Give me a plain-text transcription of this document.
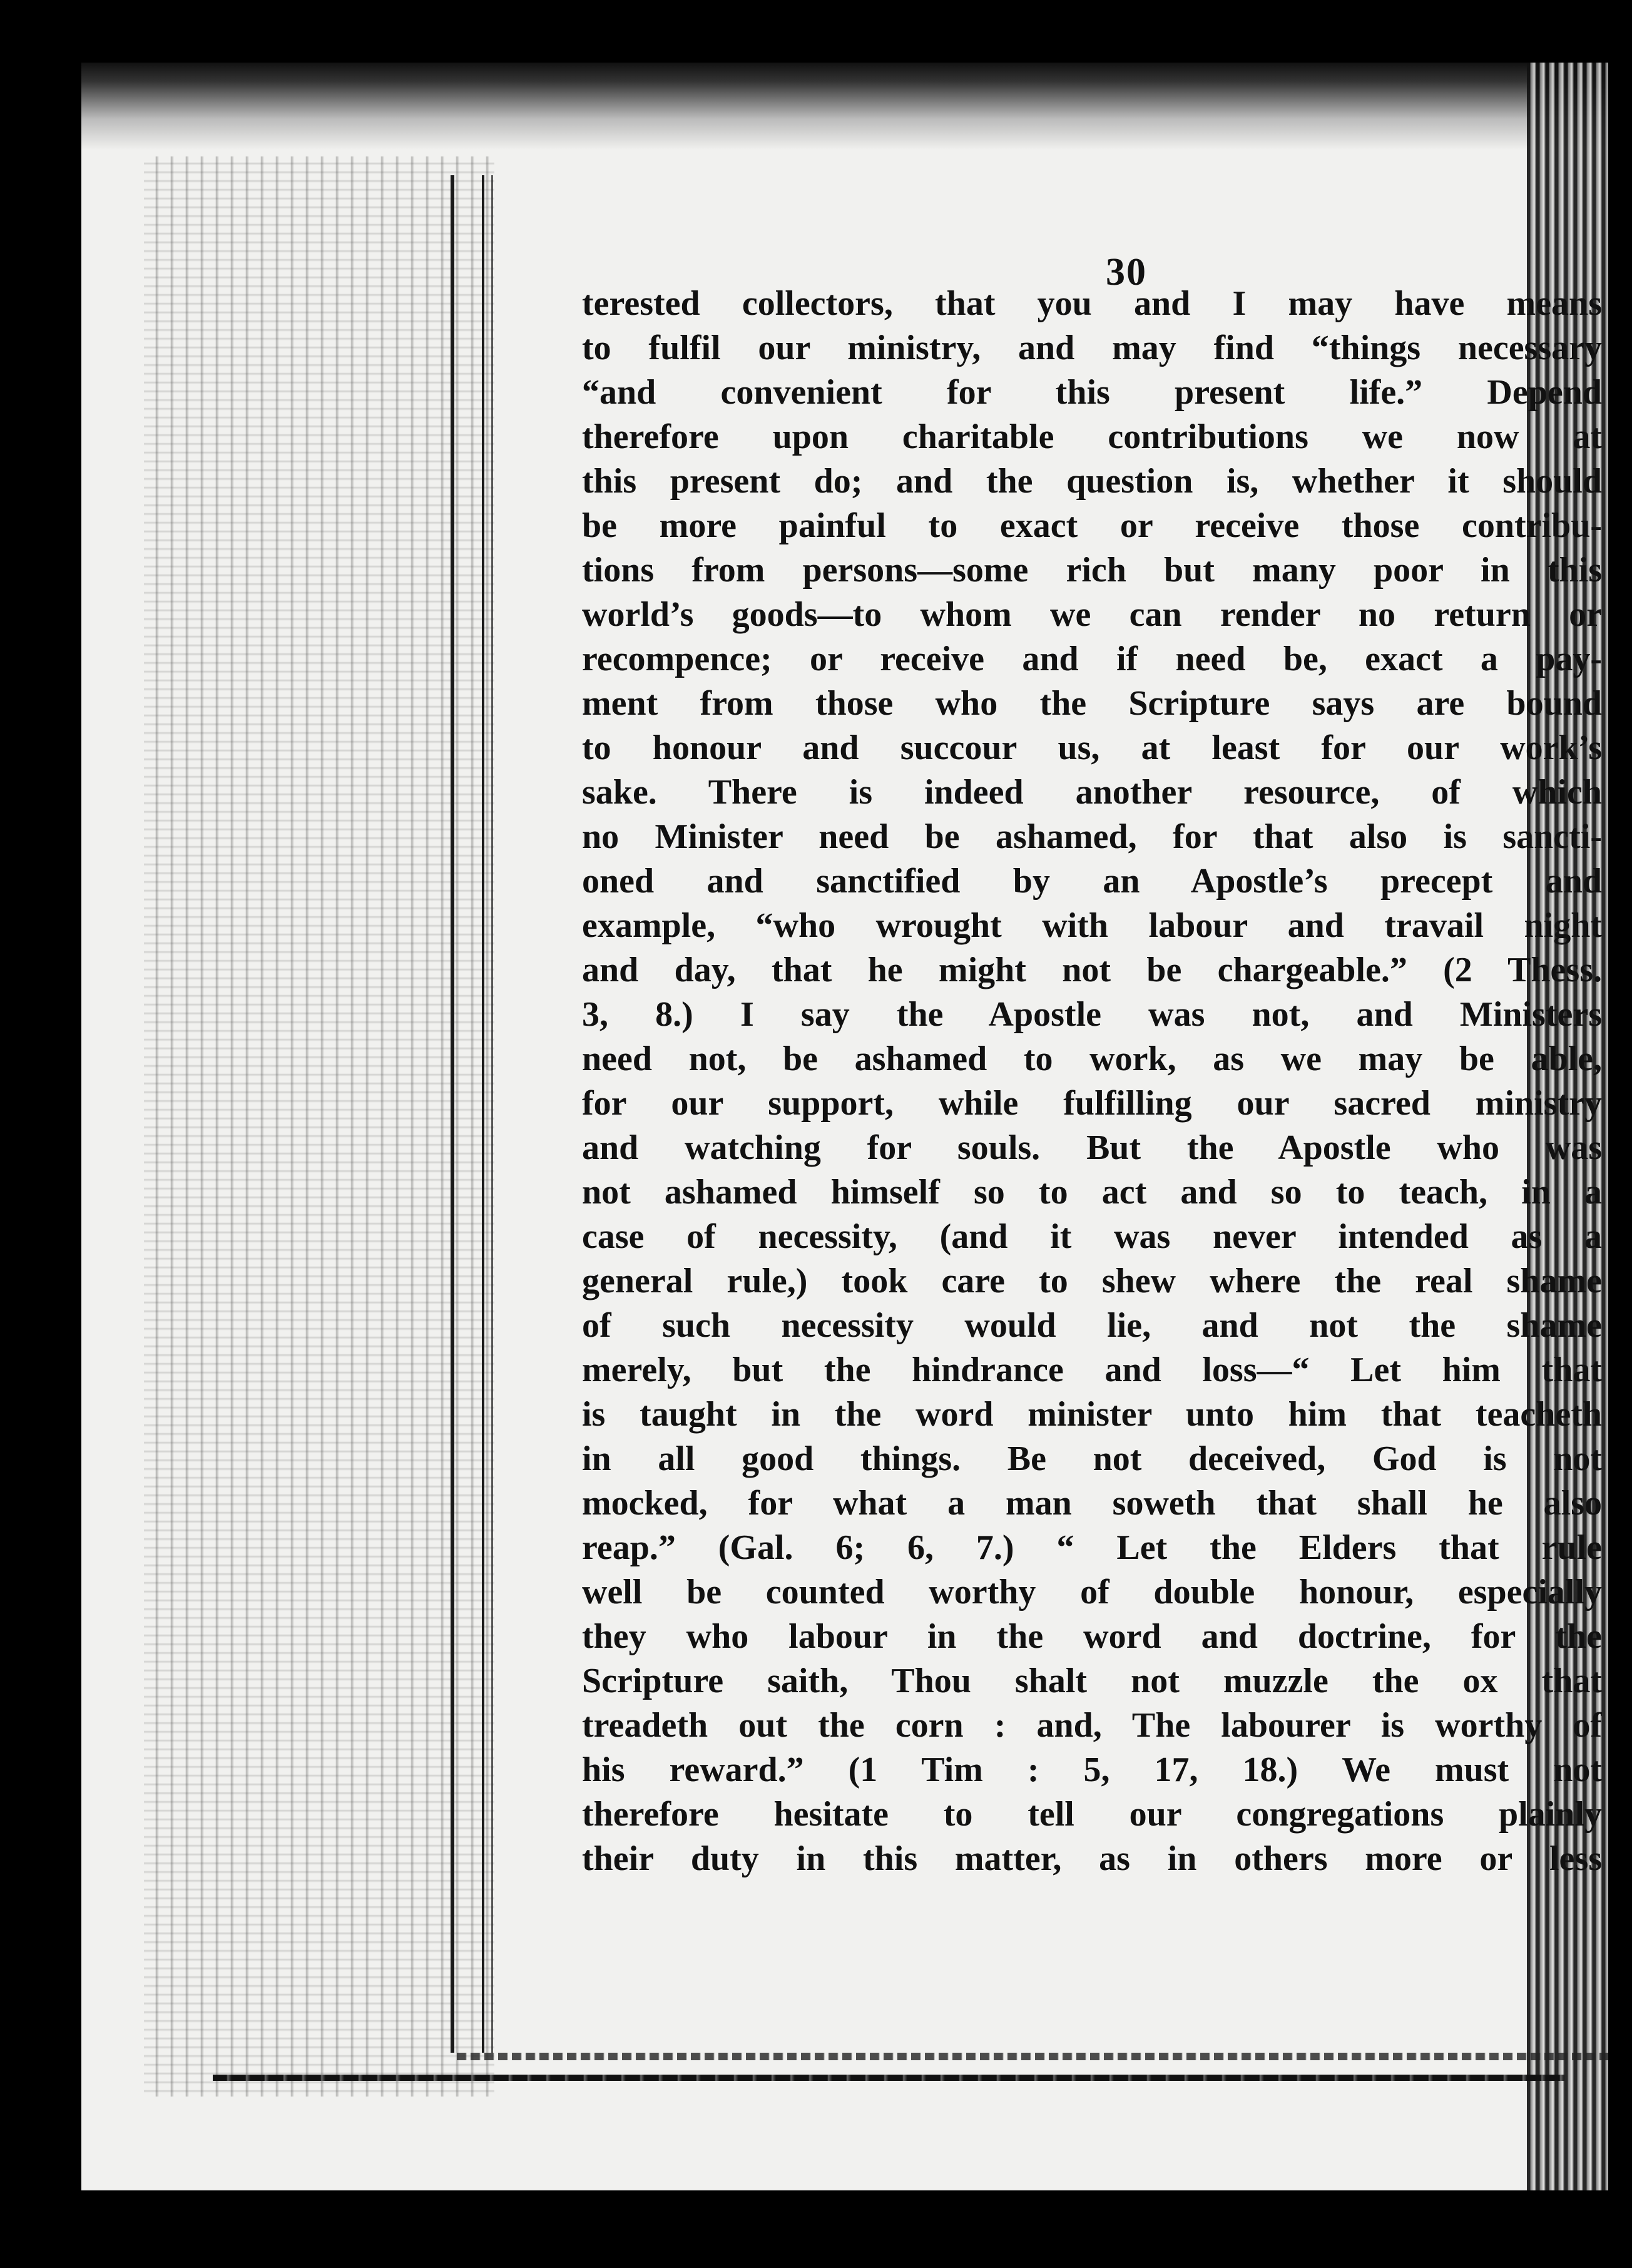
30
terested collectors, that you and I may have means
to fulfil our ministry, and may find “things necessary
“and convenient for this present life.” Depend
therefore upon charitable contributions we now at
this present do; and the question is, whether it should
be more painful to exact or receive those contribu-
tions from persons—some rich but many poor in this
world’s goods—to whom we can render no return or
recompence; or receive and if need be, exact a pay-
ment from those who the Scripture says are bound
to honour and succour us, at least for our work’s
sake. There is indeed another resource, of which
no Minister need be ashamed, for that also is sancti-
oned and sanctified by an Apostle’s precept and
example, “who wrought with labour and travail night
and day, that he might not be chargeable.” (2 Thess.
3, 8.) I say the Apostle was not, and Ministers
need not, be ashamed to work, as we may be able,
for our support, while fulfilling our sacred ministry
and watching for souls. But the Apostle who was
not ashamed himself so to act and so to teach, in a
case of necessity, (and it was never intended as a
general rule,) took care to shew where the real shame
of such necessity would lie, and not the shame
merely, but the hindrance and loss—“ Let him that
is taught in the word minister unto him that teacheth
in all good things. Be not deceived, God is not
mocked, for what a man soweth that shall he also
reap.” (Gal. 6; 6, 7.) “ Let the Elders that rule
well be counted worthy of double honour, especially
they who labour in the word and doctrine, for the
Scripture saith, Thou shalt not muzzle the ox that
treadeth out the corn : and, The labourer is worthy of
his reward.” (1 Tim : 5, 17, 18.) We must not
therefore hesitate to tell our congregations plainly
their duty in this matter, as in others more or less
